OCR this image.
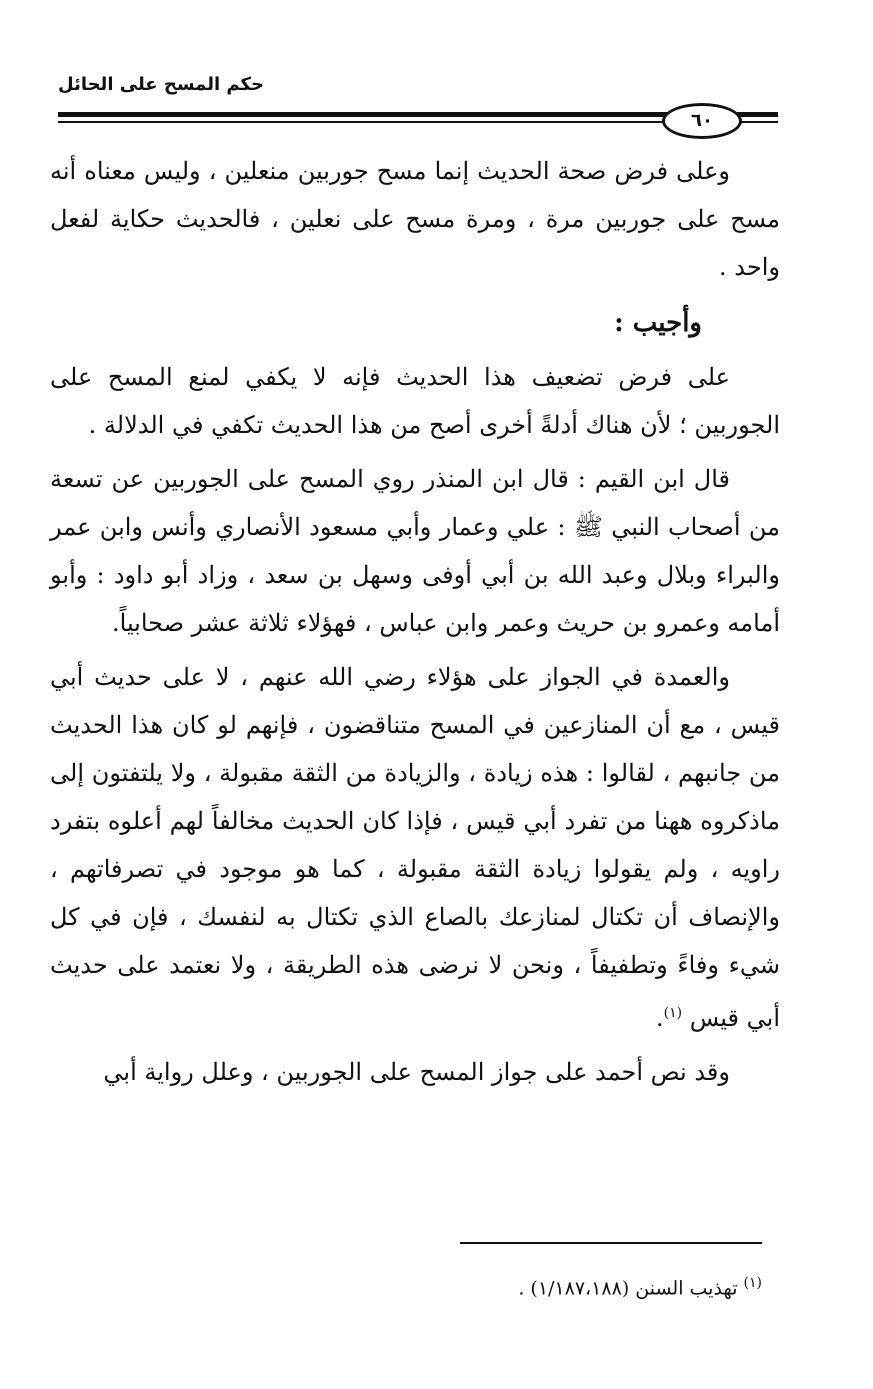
حكم المسح على الحائل
٦٠

وعلى فرض صحة الحديث إنما مسح جوربين منعلين ، وليس معناه أنه مسح على جوربين مرة ، ومرة مسح على نعلين ، فالحديث حكاية لفعل واحد .

وأجيب :

على فرض تضعيف هذا الحديث فإنه لا يكفي لمنع المسح على الجوربين ؛ لأن هناك أدلةً أخرى أصح من هذا الحديث تكفي في الدلالة .

قال ابن القيم : قال ابن المنذر روي المسح على الجوربين عن تسعة من أصحاب النبي ﷺ : علي وعمار وأبي مسعود الأنصاري وأنس وابن عمر والبراء وبلال وعبد الله بن أبي أوفى وسهل بن سعد ، وزاد أبو داود : وأبو أمامه وعمرو بن حريث وعمر وابن عباس ، فهؤلاء ثلاثة عشر صحابياً.

والعمدة في الجواز على هؤلاء رضي الله عنهم ، لا على حديث أبي قيس ، مع أن المنازعين في المسح متناقضون ، فإنهم لو كان هذا الحديث من جانبهم ، لقالوا : هذه زيادة ، والزيادة من الثقة مقبولة ، ولا يلتفتون إلى ماذكروه ههنا من تفرد أبي قيس ، فإذا كان الحديث مخالفاً لهم أعلوه بتفرد راويه ، ولم يقولوا زيادة الثقة مقبولة ، كما هو موجود في تصرفاتهم ، والإنصاف أن تكتال لمنازعك بالصاع الذي تكتال به لنفسك ، فإن في كل شيء وفاءً وتطفيفاً ، ونحن لا نرضى هذه الطريقة ، ولا نعتمد على حديث أبي قيس $^{(١)}$.

وقد نص أحمد على جواز المسح على الجوربين ، وعلل رواية أبي

$^{(١)}$ تهذيب السنن (١/١٨٧،١٨٨) .
